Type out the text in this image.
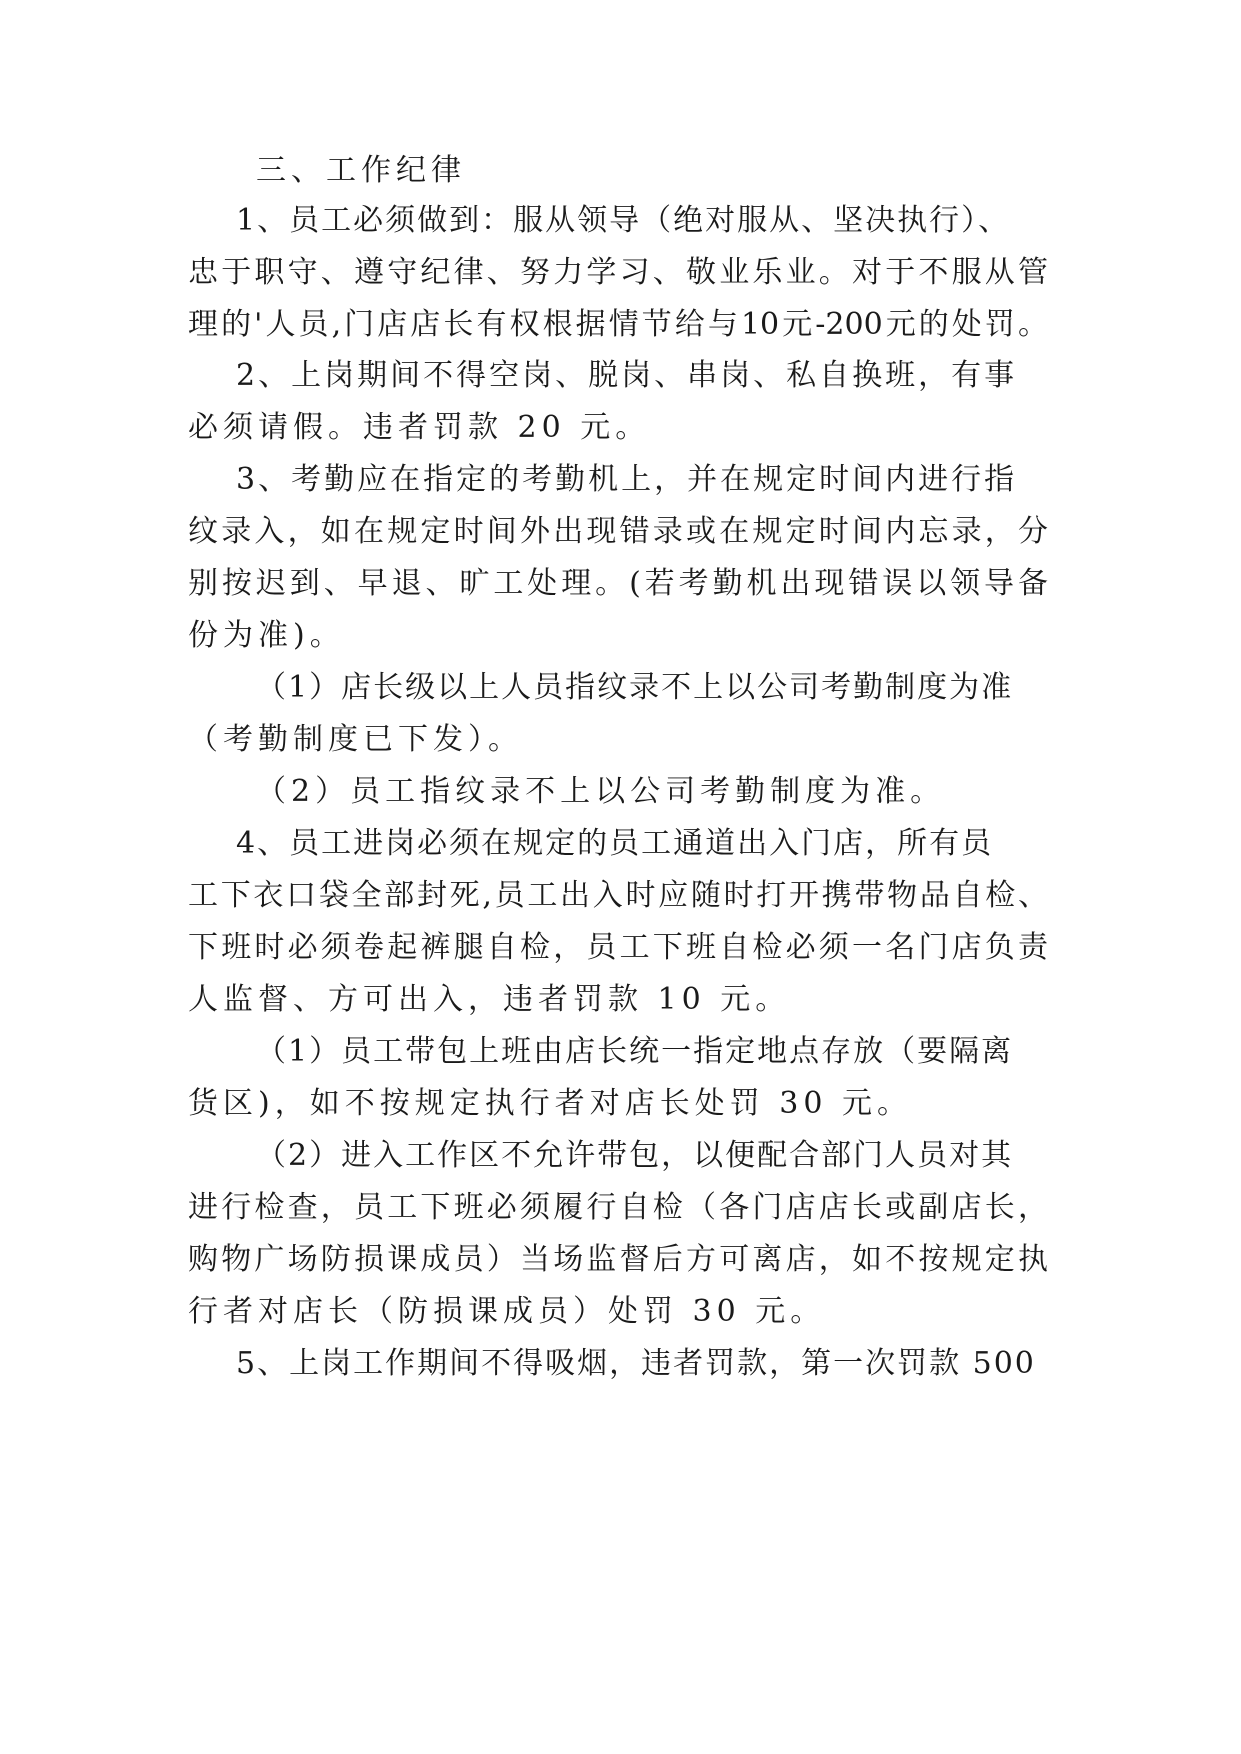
三、工作纪律

1、员工必须做到：服从领导（绝对服从、坚决执行）、

忠于职守、遵守纪律、努力学习、敬业乐业。对于不服从管

理的'人员,门店店长有权根据情节给与10元-200元的处罚。

2、上岗期间不得空岗、脱岗、串岗、私自换班，有事

必须请假。违者罚款 20 元。

3、考勤应在指定的考勤机上，并在规定时间内进行指

纹录入，如在规定时间外出现错录或在规定时间内忘录，分

别按迟到、早退、旷工处理。(若考勤机出现错误以领导备

份为准)。

（1）店长级以上人员指纹录不上以公司考勤制度为准

（考勤制度已下发）。

（2）员工指纹录不上以公司考勤制度为准。

4、员工进岗必须在规定的员工通道出入门店，所有员

工下衣口袋全部封死,员工出入时应随时打开携带物品自检、

下班时必须卷起裤腿自检，员工下班自检必须一名门店负责

人监督、方可出入，违者罚款 10 元。

（1）员工带包上班由店长统一指定地点存放（要隔离

货区)，如不按规定执行者对店长处罚 30 元。

（2）进入工作区不允许带包，以便配合部门人员对其

进行检查，员工下班必须履行自检（各门店店长或副店长，

购物广场防损课成员）当场监督后方可离店，如不按规定执

行者对店长（防损课成员）处罚 30 元。

5、上岗工作期间不得吸烟，违者罚款，第一次罚款 500
